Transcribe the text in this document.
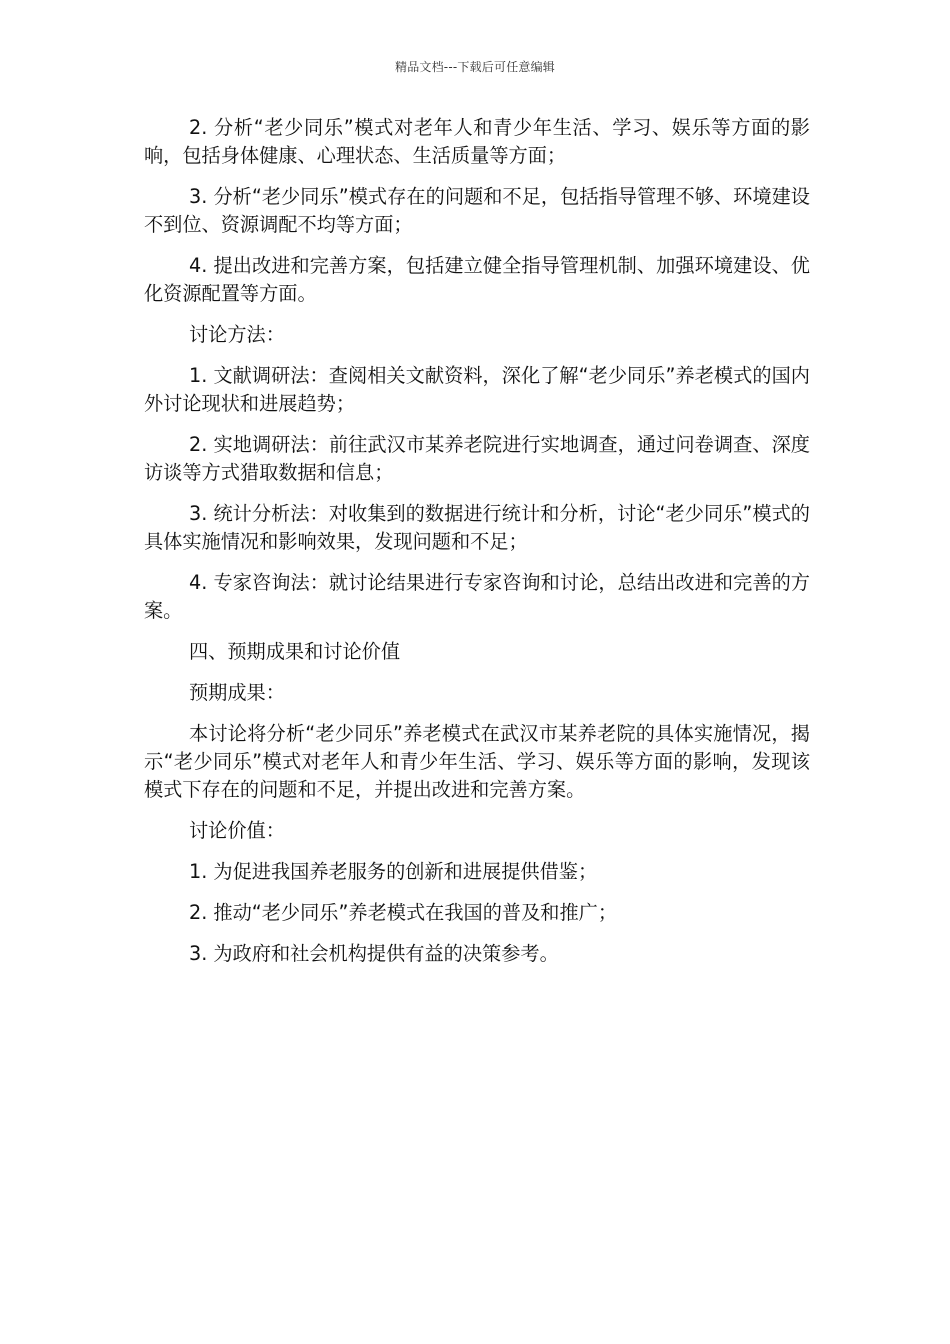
精品文档---下载后可任意编辑

2. 分析“老少同乐”模式对老年人和青少年生活、学习、娱乐等方面的影响，包括身体健康、心理状态、生活质量等方面；

3. 分析“老少同乐”模式存在的问题和不足，包括指导管理不够、环境建设不到位、资源调配不均等方面；

4. 提出改进和完善方案，包括建立健全指导管理机制、加强环境建设、优化资源配置等方面。

讨论方法：

1. 文献调研法：查阅相关文献资料，深化了解“老少同乐”养老模式的国内外讨论现状和进展趋势；

2. 实地调研法：前往武汉市某养老院进行实地调查，通过问卷调查、深度访谈等方式猎取数据和信息；

3. 统计分析法：对收集到的数据进行统计和分析，讨论“老少同乐”模式的具体实施情况和影响效果，发现问题和不足；

4. 专家咨询法：就讨论结果进行专家咨询和讨论，总结出改进和完善的方案。

四、预期成果和讨论价值

预期成果：

本讨论将分析“老少同乐”养老模式在武汉市某养老院的具体实施情况，揭示“老少同乐”模式对老年人和青少年生活、学习、娱乐等方面的影响，发现该模式下存在的问题和不足，并提出改进和完善方案。

讨论价值：

1. 为促进我国养老服务的创新和进展提供借鉴；

2. 推动“老少同乐”养老模式在我国的普及和推广；

3. 为政府和社会机构提供有益的决策参考。
